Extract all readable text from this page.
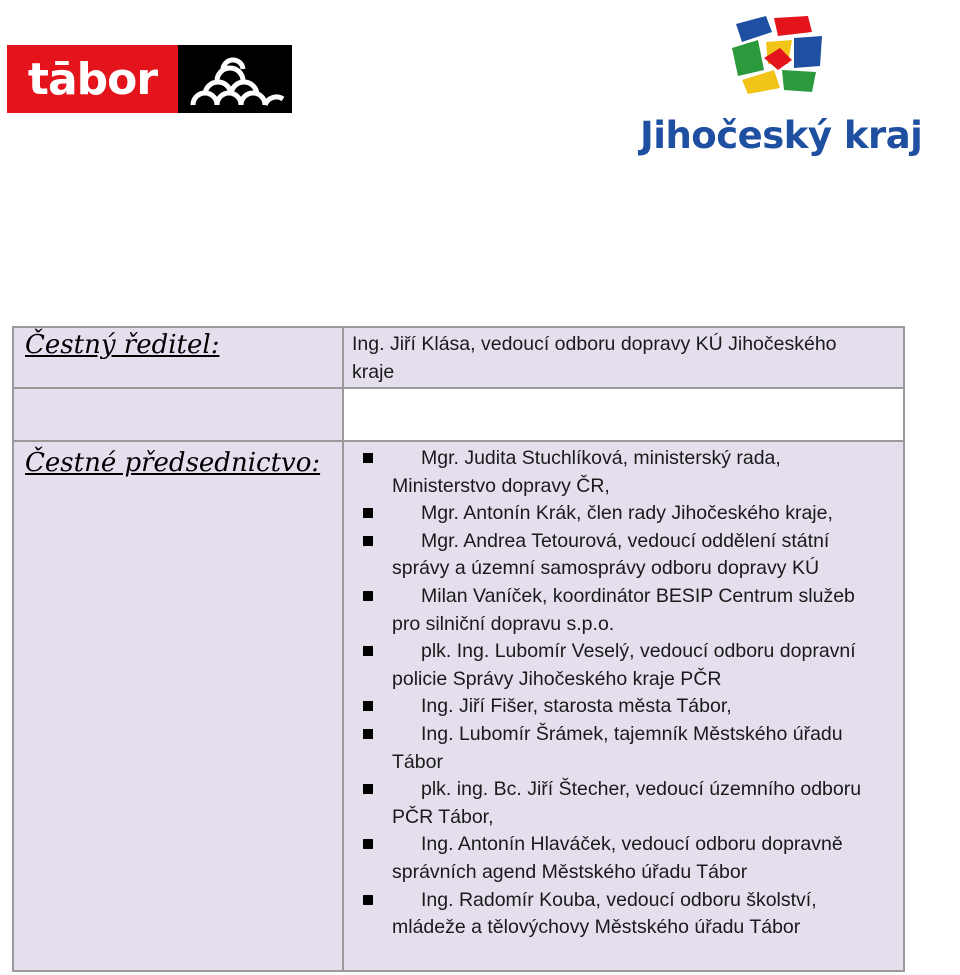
tābor
Jihočeský kraj
Čestný ředitel:	Ing. Jiří Klása, vedoucí odboru dopravy KÚ Jihočeského kraje
Čestné předsednictvo:	Mgr. Judita Stuchlíková, ministerský rada, Ministerstvo dopravy ČR,
Mgr. Antonín Krák, člen rady Jihočeského kraje,
Mgr. Andrea Tetourová, vedoucí oddělení státní správy a územní samosprávy odboru dopravy KÚ
Milan Vaníček, koordinátor BESIP Centrum služeb pro silniční dopravu s.p.o.
plk. Ing. Lubomír Veselý, vedoucí odboru dopravní policie Správy Jihočeského kraje PČR
Ing. Jiří Fišer, starosta města Tábor,
Ing. Lubomír Šrámek, tajemník Městského úřadu Tábor
plk. ing. Bc. Jiří Štecher, vedoucí územního odboru PČR Tábor,
Ing. Antonín Hlaváček, vedoucí odboru dopravně správních agend Městského úřadu Tábor
Ing. Radomír Kouba, vedoucí odboru školství, mládeže a tělovýchovy Městského úřadu Tábor
